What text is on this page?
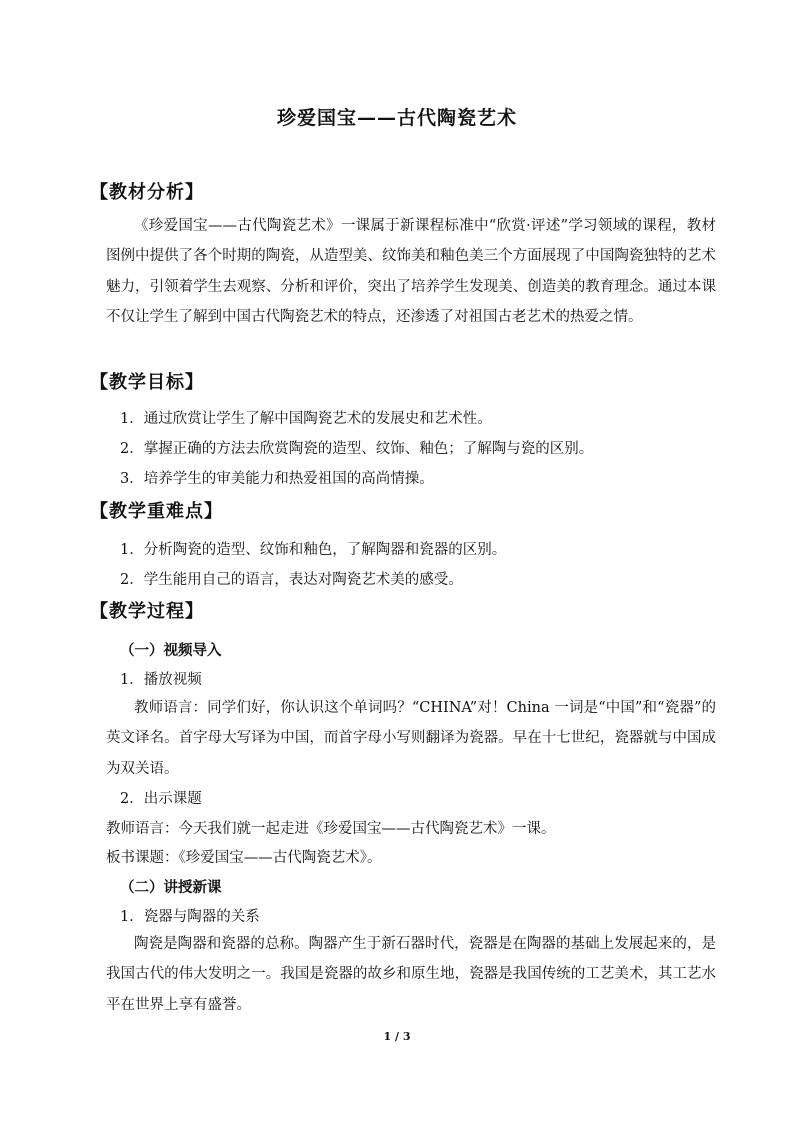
珍爱国宝——古代陶瓷艺术
【教材分析】

《珍爱国宝——古代陶瓷艺术》一课属于新课程标准中“欣赏·评述”学习领域的课程，教材图例中提供了各个时期的陶瓷，从造型美、纹饰美和釉色美三个方面展现了中国陶瓷独特的艺术魅力，引领着学生去观察、分析和评价，突出了培养学生发现美、创造美的教育理念。通过本课不仅让学生了解到中国古代陶瓷艺术的特点，还渗透了对祖国古老艺术的热爱之情。

【教学目标】
1．通过欣赏让学生了解中国陶瓷艺术的发展史和艺术性。
2．掌握正确的方法去欣赏陶瓷的造型、纹饰、釉色；了解陶与瓷的区别。
3．培养学生的审美能力和热爱祖国的高尚情操。
【教学重难点】
1．分析陶瓷的造型、纹饰和釉色，了解陶器和瓷器的区别。
2．学生能用自己的语言，表达对陶瓷艺术美的感受。
【教学过程】
（一）视频导入
1．播放视频

教师语言：同学们好，你认识这个单词吗？“CHINA”对！China 一词是“中国”和“瓷器”的英文译名。首字母大写译为中国，而首字母小写则翻译为瓷器。早在十七世纪，瓷器就与中国成为双关语。

2．出示课题
教师语言：今天我们就一起走进《珍爱国宝——古代陶瓷艺术》一课。
板书课题：《珍爱国宝——古代陶瓷艺术》。
（二）讲授新课
1．瓷器与陶器的关系

陶瓷是陶器和瓷器的总称。陶器产生于新石器时代，瓷器是在陶器的基础上发展起来的，是我国古代的伟大发明之一。我国是瓷器的故乡和原生地，瓷器是我国传统的工艺美术，其工艺水平在世界上享有盛誉。

1 / 3
